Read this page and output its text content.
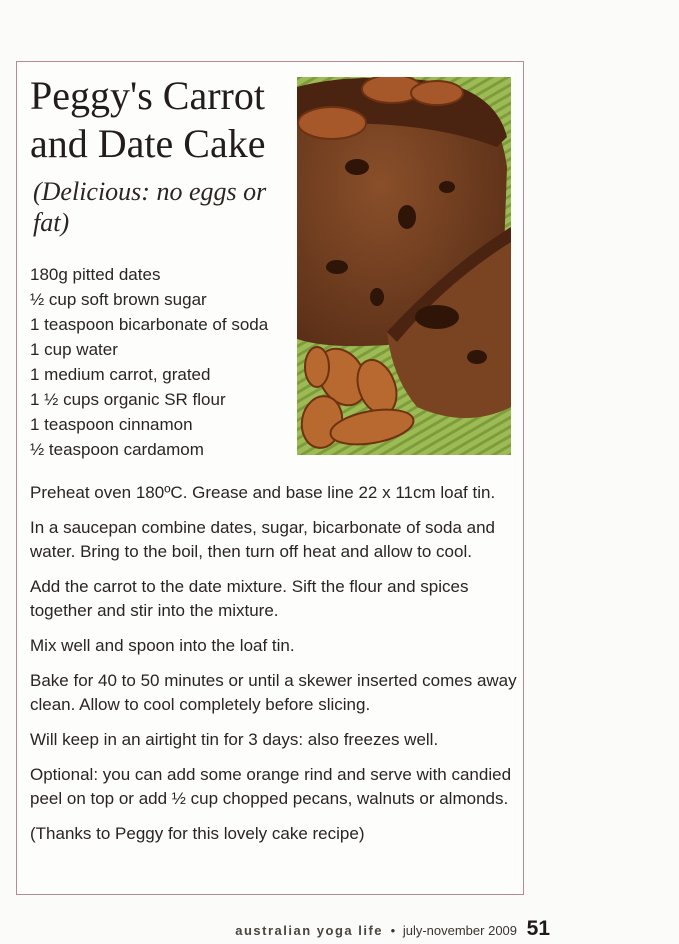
Peggy's Carrot and Date Cake
(Delicious: no eggs or fat)
180g pitted dates
½ cup soft brown sugar
1 teaspoon bicarbonate of soda
1 cup water
1 medium carrot, grated
1 ½ cups organic SR flour
1 teaspoon cinnamon
½ teaspoon cardamom

Preheat oven 180ºC. Grease and base line 22 x 11cm loaf tin.

In a saucepan combine dates, sugar, bicarbonate of soda and water. Bring to the boil, then turn off heat and allow to cool.

Add the carrot to the date mixture. Sift the flour and spices together and stir into the mixture.

Mix well and spoon into the loaf tin.

Bake for 40 to 50 minutes or until a skewer inserted comes away clean. Allow to cool completely before slicing.

Will keep in an airtight tin for 3 days: also freezes well.

Optional: you can add some orange rind and serve with candied peel on top or add ½ cup chopped pecans, walnuts or almonds.

(Thanks to Peggy for this lovely cake recipe)

australian yoga life • july-november 2009 51
